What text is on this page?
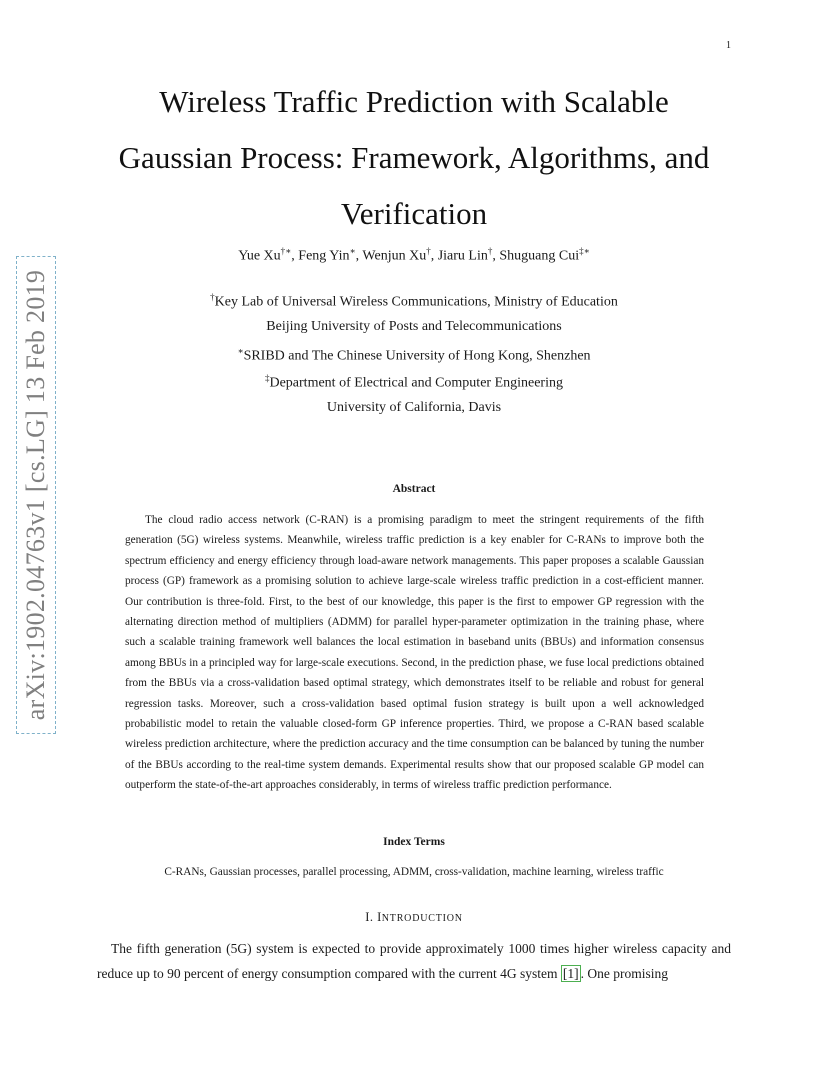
1
arXiv:1902.04763v1 [cs.LG] 13 Feb 2019
Wireless Traffic Prediction with Scalable
Gaussian Process: Framework, Algorithms, and
Verification
Yue Xu†∗, Feng Yin∗, Wenjun Xu†, Jiaru Lin†, Shuguang Cui‡∗
†Key Lab of Universal Wireless Communications, Ministry of Education
Beijing University of Posts and Telecommunications
∗SRIBD and The Chinese University of Hong Kong, Shenzhen
‡Department of Electrical and Computer Engineering
University of California, Davis
Abstract

The cloud radio access network (C-RAN) is a promising paradigm to meet the stringent requirements of the fifth generation (5G) wireless systems. Meanwhile, wireless traffic prediction is a key enabler for C-RANs to improve both the spectrum efficiency and energy efficiency through load-aware network managements. This paper proposes a scalable Gaussian process (GP) framework as a promising solution to achieve large-scale wireless traffic prediction in a cost-efficient manner. Our contribution is three-fold. First, to the best of our knowledge, this paper is the first to empower GP regression with the alternating direction method of multipliers (ADMM) for parallel hyper-parameter optimization in the training phase, where such a scalable training framework well balances the local estimation in baseband units (BBUs) and information consensus among BBUs in a principled way for large-scale executions. Second, in the prediction phase, we fuse local predictions obtained from the BBUs via a cross-validation based optimal strategy, which demonstrates itself to be reliable and robust for general regression tasks. Moreover, such a cross-validation based optimal fusion strategy is built upon a well acknowledged probabilistic model to retain the valuable closed-form GP inference properties. Third, we propose a C-RAN based scalable wireless prediction architecture, where the prediction accuracy and the time consumption can be balanced by tuning the number of the BBUs according to the real-time system demands. Experimental results show that our proposed scalable GP model can outperform the state-of-the-art approaches considerably, in terms of wireless traffic prediction performance.

Index Terms
C-RANs, Gaussian processes, parallel processing, ADMM, cross-validation, machine learning, wireless traffic
I. INTRODUCTION

The fifth generation (5G) system is expected to provide approximately 1000 times higher wireless capacity and reduce up to 90 percent of energy consumption compared with the current 4G system [1] . One promising
